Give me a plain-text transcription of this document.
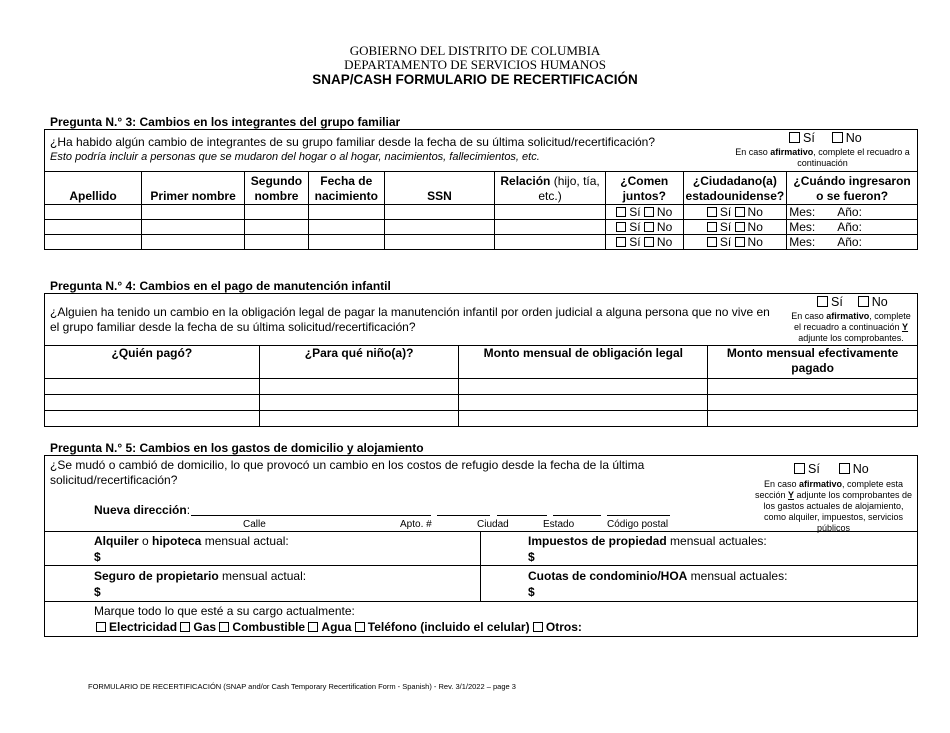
GOBIERNO DEL DISTRITO DE COLUMBIA
DEPARTAMENTO DE SERVICIOS HUMANOS
SNAP/CASH FORMULARIO DE RECERTIFICACIÓN
Pregunta N.° 3: Cambios en los integrantes del grupo familiar
¿Ha habido algún cambio de integrantes de su grupo familiar desde la fecha de su última solicitud/recertificación?
Esto podría incluir a personas que se mudaron del hogar o al hogar, nacimientos, fallecimientos, etc.
Sí No
En caso afirmativo, complete el recuadro a continuación
Apellido	Primer nombre	Segundo nombre	Fecha de nacimiento	SSN	Relación (hijo, tía, etc.)	¿Comen juntos?	¿Ciudadano(a) estadounidense?	¿Cuándo ingresaron o se fueron?
						Sí No	Sí No	Mes: Año:
						Sí No	Sí No	Mes: Año:
						Sí No	Sí No	Mes: Año:
Pregunta N.° 4: Cambios en el pago de manutención infantil
¿Alguien ha tenido un cambio en la obligación legal de pagar la manutención infantil por orden judicial a alguna persona que no vive en el grupo familiar desde la fecha de su última solicitud/recertificación?
Sí No
En caso afirmativo, complete el recuadro a continuación Y adjunte los comprobantes.
¿Quién pagó?	¿Para qué niño(a)?	Monto mensual de obligación legal	Monto mensual efectivamente pagado

Pregunta N.° 5: Cambios en los gastos de domicilio y alojamiento
¿Se mudó o cambió de domicilio, lo que provocó un cambio en los costos de refugio desde la fecha de la última solicitud/recertificación?
Sí	No
En caso afirmativo, complete esta sección Y adjunte los comprobantes de los gastos actuales de alojamiento, como alquiler, impuestos, servicios públicos
Nueva dirección:
Calle	Apto. #	Ciudad	Estado	Código postal
Alquiler o hipoteca mensual actual:
$
Impuestos de propiedad mensual actuales:
$
Seguro de propietario mensual actual:
$
Cuotas de condominio/HOA mensual actuales:
$
Marque todo lo que esté a su cargo actualmente:
Electricidad Gas Combustible Agua Teléfono (incluido el celular) Otros:
FORMULARIO DE RECERTIFICACIÓN (SNAP and/or Cash Temporary Recertification Form - Spanish) - Rev. 3/1/2022 – page 3
